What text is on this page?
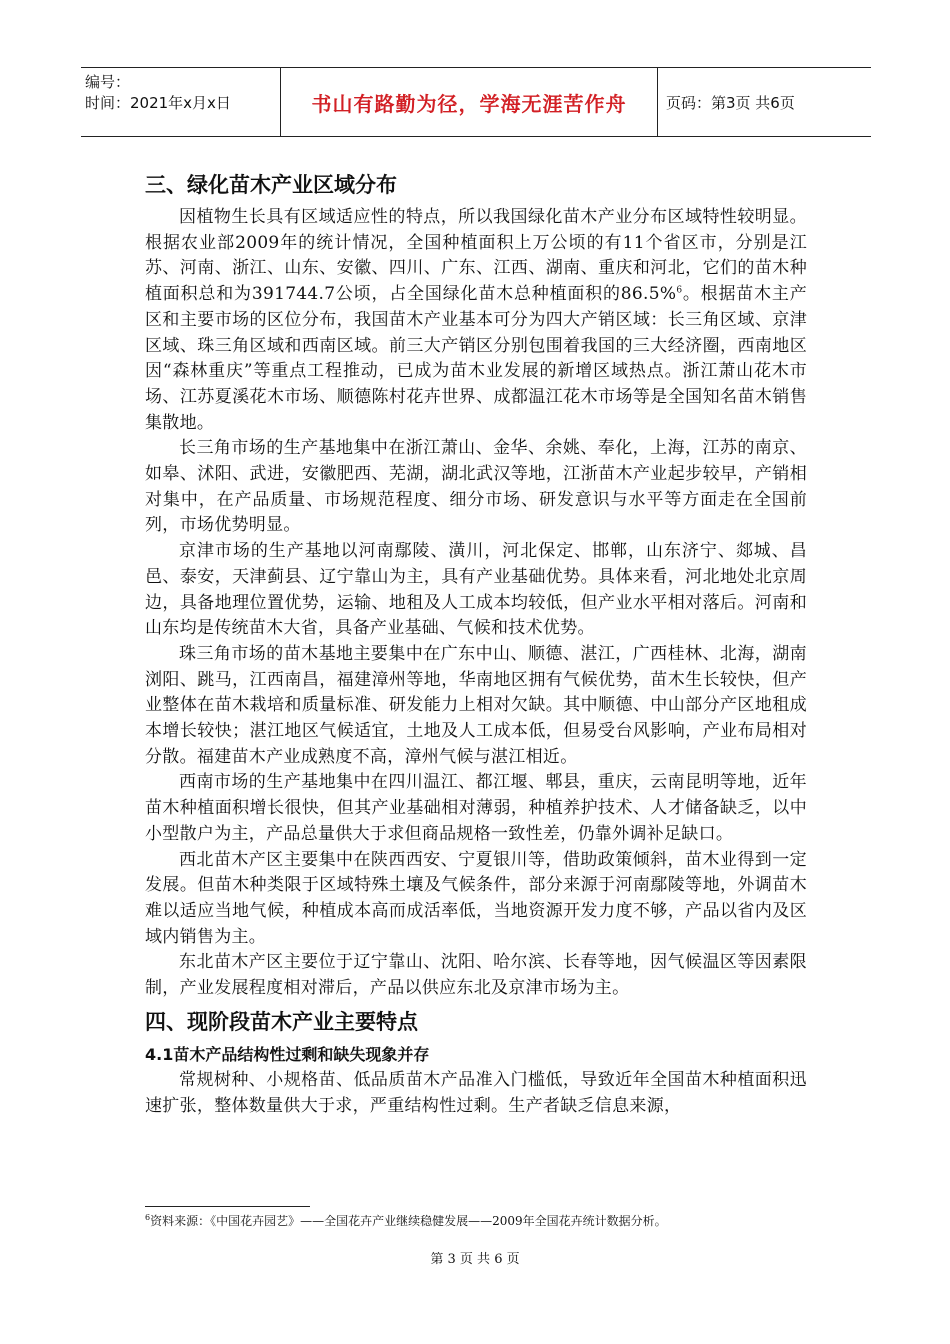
编号：
时间：2021年x月x日	书山有路勤为径，学海无涯苦作舟	页码：第3页 共6页
三、绿化苗木产业区域分布

因植物生长具有区域适应性的特点，所以我国绿化苗木产业分布区域特性较明显。根据农业部2009年的统计情况，全国种植面积上万公顷的有11个省区市，分别是江苏、河南、浙江、山东、安徽、四川、广东、江西、湖南、重庆和河北，它们的苗木种植面积总和为391744.7公顷，占全国绿化苗木总种植面积的86.5%$^6$。根据苗木主产区和主要市场的区位分布，我国苗木产业基本可分为四大产销区域：长三角区域、京津区域、珠三角区域和西南区域。前三大产销区分别包围着我国的三大经济圈，西南地区因“森林重庆”等重点工程推动，已成为苗木业发展的新增区域热点。浙江萧山花木市场、江苏夏溪花木市场、顺德陈村花卉世界、成都温江花木市场等是全国知名苗木销售集散地。

长三角市场的生产基地集中在浙江萧山、金华、余姚、奉化，上海，江苏的南京、如皋、沭阳、武进，安徽肥西、芜湖，湖北武汉等地，江浙苗木产业起步较早，产销相对集中，在产品质量、市场规范程度、细分市场、研发意识与水平等方面走在全国前列，市场优势明显。

京津市场的生产基地以河南鄢陵、潢川，河北保定、邯郸，山东济宁、郯城、昌邑、泰安，天津蓟县、辽宁靠山为主，具有产业基础优势。具体来看，河北地处北京周边，具备地理位置优势，运输、地租及人工成本均较低，但产业水平相对落后。河南和山东均是传统苗木大省，具备产业基础、气候和技术优势。

珠三角市场的苗木基地主要集中在广东中山、顺德、湛江，广西桂林、北海，湖南浏阳、跳马，江西南昌，福建漳州等地，华南地区拥有气候优势，苗木生长较快，但产业整体在苗木栽培和质量标准、研发能力上相对欠缺。其中顺德、中山部分产区地租成本增长较快；湛江地区气候适宜，土地及人工成本低，但易受台风影响，产业布局相对分散。福建苗木产业成熟度不高，漳州气候与湛江相近。

西南市场的生产基地集中在四川温江、都江堰、郫县，重庆，云南昆明等地，近年苗木种植面积增长很快，但其产业基础相对薄弱，种植养护技术、人才储备缺乏，以中小型散户为主，产品总量供大于求但商品规格一致性差，仍靠外调补足缺口。

西北苗木产区主要集中在陕西西安、宁夏银川等，借助政策倾斜，苗木业得到一定发展。但苗木种类限于区域特殊土壤及气候条件，部分来源于河南鄢陵等地，外调苗木难以适应当地气候，种植成本高而成活率低，当地资源开发力度不够，产品以省内及区域内销售为主。

东北苗木产区主要位于辽宁靠山、沈阳、哈尔滨、长春等地，因气候温区等因素限制，产业发展程度相对滞后，产品以供应东北及京津市场为主。

四、现阶段苗木产业主要特点
4.1苗木产品结构性过剩和缺失现象并存

常规树种、小规格苗、低品质苗木产品准入门槛低，导致近年全国苗木种植面积迅速扩张，整体数量供大于求，严重结构性过剩。生产者缺乏信息来源，

$^6$资料来源：《中国花卉园艺》——全国花卉产业继续稳健发展——2009年全国花卉统计数据分析。
第 3 页 共 6 页
